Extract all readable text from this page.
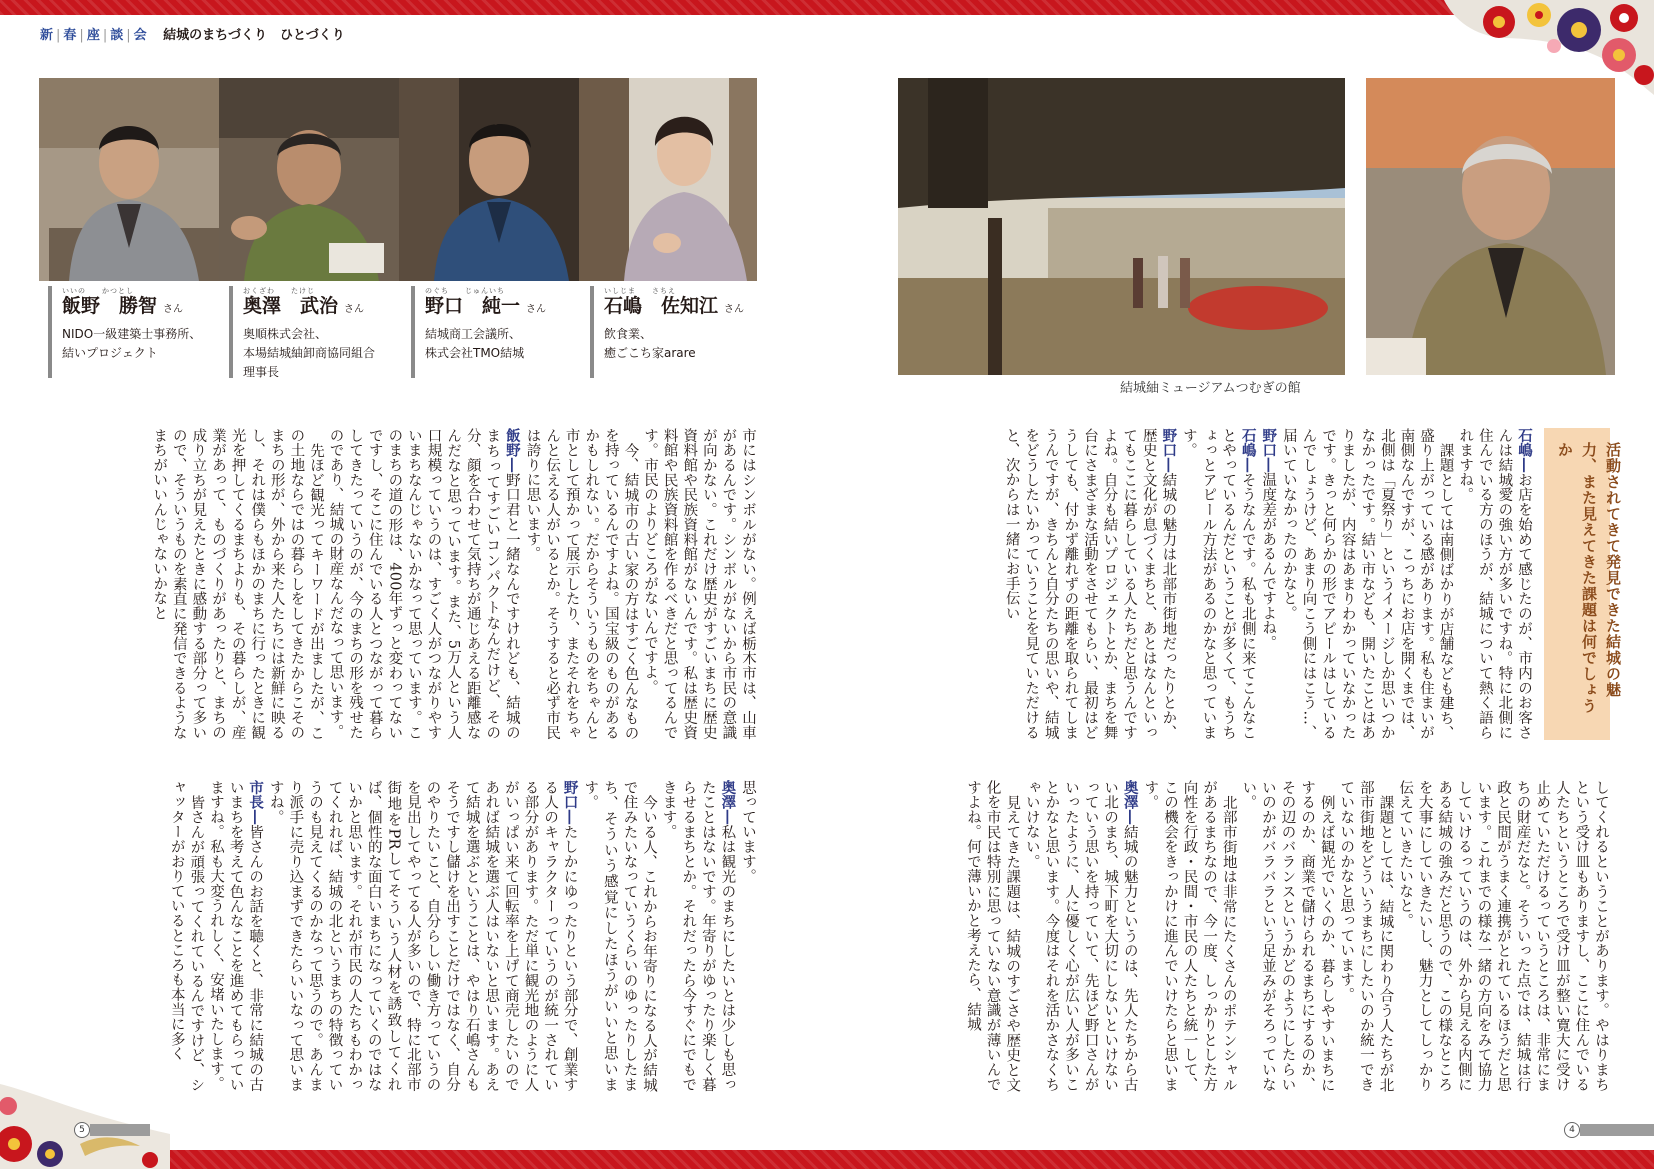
新 | 春 | 座 | 談 | 会 結城のまちづくり　ひとづくり
いいの　　かつとし
飯野　勝智 さん
NIDO一級建築士事務所、
結いプロジェクト
おくざわ　　たけじ
奥澤　武治 さん
奥順株式会社、
本場結城紬卸商協同組合
理事長
のぐち　　じゅんいち
野口　純一 さん
結城商工会議所、
株式会社TMO結城
いしじま　　さちえ
石嶋　佐知江 さん
飲食業、
癒ごこち家arare
結城紬ミュージアムつむぎの館
活動されてきて発見できた結城の魅力、また見えてきた課題は何でしょうか
石嶋―お店を始めて感じたのが、市内のお客さんは結城愛の強い方が多いですね。特に北側に住んでいる方のほうが、結城について熱く語られますね。
課題としては南側ばかりが店舗なども建ち、盛り上がっている感があります。私も住まいが南側なんですが、こっちにお店を開くまでは、北側は「夏祭り」というイメージしか思いつかなかったです。結い市なども、開いたことはありましたが、内容はあまりわかっていなかったです。きっと何らかの形でアピールはしているんでしょうけど、あまり向こう側にはこう…、届いていなかったのかなと。
野口―温度差があるんですよね。
石嶋―そうなんです。私も北側に来てこんなことやっているんだということが多くて、もうちょっとアピール方法があるのかなと思っています。
野口―結城の魅力は北部市街地だったりとか、歴史と文化が息づくまちと、あとはなんといってもここに暮らしている人たちだと思うんですよね。自分も結いプロジェクトとか、まちを舞台にさまざまな活動をさせてもらい、最初はどうしても、付かず離れずの距離を取られてしまうんですが、きちんと自分たちの思いや、結城をどうしたいかっていうことを見ていただけると、次からは一緒にお手伝い
してくれるということがあります。やはりまちという受け皿もありますし、ここに住んでいる人たちというところで受け皿が整い寛大に受け止めていただけるっていうところは、非常にまちの財産だなと。そういった点では、結城は行政と民間がうまく連携がとれているほうだと思います。これまでの様な一緒の方向をみて協力していけるっていうのは、外から見える内側にある結城の強みだと思うので、この様なところを大事にしていきたいし、魅力としてしっかり伝えていきたいなと。
課題としては、結城に関わり合う人たちが北部市街地をどういうまちにしたいのか統一できていないのかなと思っています。
例えば観光でいくのか、暮らしやすいまちにするのか、商業で儲けられるまちにするのか、その辺のバランスというかどのようにしたらいいのかがバラバラという足並みがそろっていない。
北部市街地は非常にたくさんのポテンシャルがあるまちなので、今一度、しっかりとした方向性を行政・民間・市民の人たちと統一して、この機会をきっかけに進んでいけたらと思います。
奥澤―結城の魅力というのは、先人たちから古い北のまち、城下町を大切にしないといけないっていう思いを持っていて、先ほど野口さんがいったように、人に優しく心が広い人が多いことかなと思います。今度はそれを活かさなくちゃいけない。
見えてきた課題は、結城のすごさや歴史と文化を市民は特別に思っていない意識が薄いんですよね。何で薄いかと考えたら、結城
市にはシンボルがない。例えば栃木市は、山車があるんです。シンボルがないから市民の意識が向かない。これだけ歴史がすごいまちに歴史資料館や民族資料館がないんです。私は歴史資料館や民族資料館を作るべきだと思ってるんです。市民のよりどころがないんですよ。
今、結城市の古い家の方はすごく色んなものを持っているんですよね。国宝級のものがあるかもしれない。だからそういうものをちゃんと市として預かって展示したり、またそれをちゃんと伝える人がいるとか。そうすると必ず市民は誇りに思います。
飯野―野口君と一緒なんですけれども、結城のまちってすごいコンパクトなんだけど、その分、顔を合わせて気持ちが通じあえる距離感なんだなと思っています。また、5万人という人口規模っていうのは、すごく人がつながりやすいまちなんじゃないかなって思っています。このまちの道の形は、400年ずっと変わってないですし、そこに住んでいる人とつながって暮らしてきたっていうのが、今のまちの形を残せたのであり、結城の財産なんだなって思います。
先ほど観光ってキーワードが出ましたが、この土地ならではの暮らしをしてきたからこそのまちの形が、外から来た人たちには新鮮に映るし、それは僕らもほかのまちに行ったときに観光を押してくるまちよりも、その暮らしが、産業があって、ものづくりがあったりと、まちの成り立ちが見えたときに感動する部分って多いので、そういうものを素直に発信できるようなまちがいいんじゃないかなと
思っています。
奥澤―私は観光のまちにしたいとは少しも思ったことはないです。年寄りがゆったり楽しく暮らせるまちとか。それだったら今すぐにでもできます。
今いる人、これからお年寄りになる人が結城で住みたいなっていうくらいのゆったりしたまち、そういう感覚にしたほうがいいと思います。
野口―たしかにゆったりという部分で、創業する人のキャラクターっていうのが統一されている部分があります。ただ単に観光地のように人がいっぱい来て回転率を上げて商売したいのであれば結城を選ぶ人はいないと思います。あえて結城を選ぶということは、やはり石嶋さんもそうですし儲けを出すことだけではなく、自分のやりたいこと、自分らしい働き方っていうのを見出してやってる人が多いので、特に北部市街地をPRしてそういう人材を誘致してくれば、個性的な面白いまちになっていくのではないかと思います。それが市民の人たちもわかってくれれば、結城の北というまちの特徴っていうのも見えてくるのかなって思うので。あんまり派手に売り込まずできたらいいなって思いますね。
市長―皆さんのお話を聴くと、非常に結城の古いまちを考えて色んなことを進めてもらっていますね。私も大変うれしく、安堵いたします。
皆さんが頑張ってくれているんですけど、シャッターがおりているところも本当に多く
5	4
